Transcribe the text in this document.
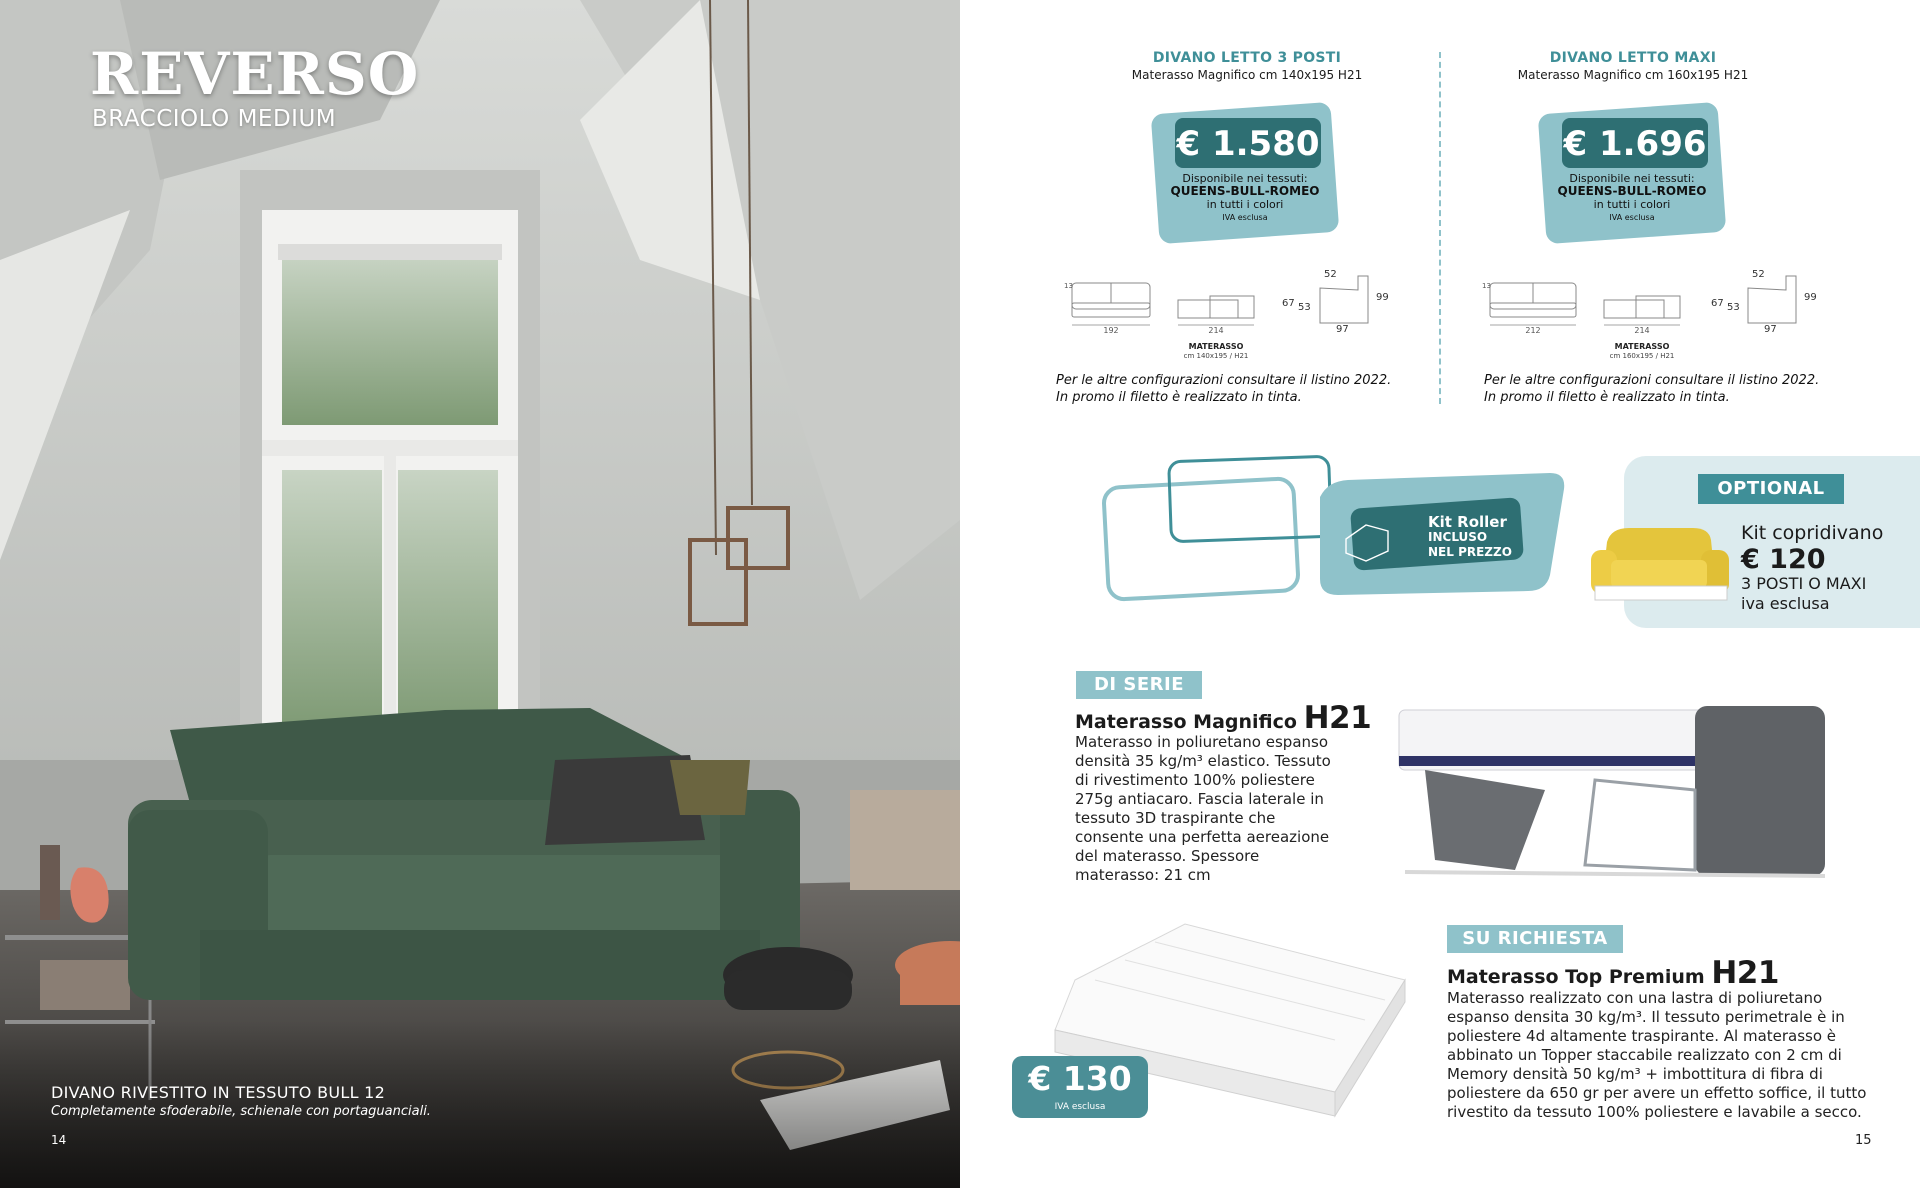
REVERSO
BRACCIOLO MEDIUM
DIVANO RIVESTITO IN TESSUTO BULL 12
Completamente sfoderabile, schienale con portaguanciali.
14
DIVANO LETTO 3 POSTI
Materasso Magnifico cm 140x195 H21
€ 1.580
Disponibile nei tessuti:
QUEENS-BULL-ROMEO
in tutti i colori
IVA esclusa
13
192	214
MATERASSO
cm 140x195 / H21
67 53
52
99
97
Per le altre configurazioni consultare il listino 2022.
In promo il filetto è realizzato in tinta.
DIVANO LETTO MAXI
Materasso Magnifico cm 160x195 H21
€ 1.696
Disponibile nei tessuti:
QUEENS-BULL-ROMEO
in tutti i colori
IVA esclusa
13
212	214
MATERASSO
cm 160x195 / H21
67 53
52
99
97
Per le altre configurazioni consultare il listino 2022.
In promo il filetto è realizzato in tinta.
Kit Roller
INCLUSO
NEL PREZZO
OPTIONAL
Kit copridivano
€ 120
3 POSTI O MAXI
iva esclusa
DI SERIE
Materasso Magnifico H21
Materasso in poliuretano espanso densità 35 kg/m³ elastico. Tessuto di rivestimento 100% poliestere 275g antiacaro. Fascia laterale in tessuto 3D traspirante che consente una perfetta aereazione del materasso. Spessore materasso: 21 cm
SU RICHIESTA
Materasso Top Premium H21
Materasso realizzato con una lastra di poliuretano espanso densita 30 kg/m³. Il tessuto perimetrale è in poliestere 4d altamente traspirante. Al materasso è abbinato un Topper staccabile realizzato con 2 cm di Memory densità 50 kg/m³ + imbottitura di fibra di poliestere da 650 gr per avere un effetto soffice, il tutto rivestito da tessuto 100% poliestere e lavabile a secco.
€ 130
IVA esclusa
15
